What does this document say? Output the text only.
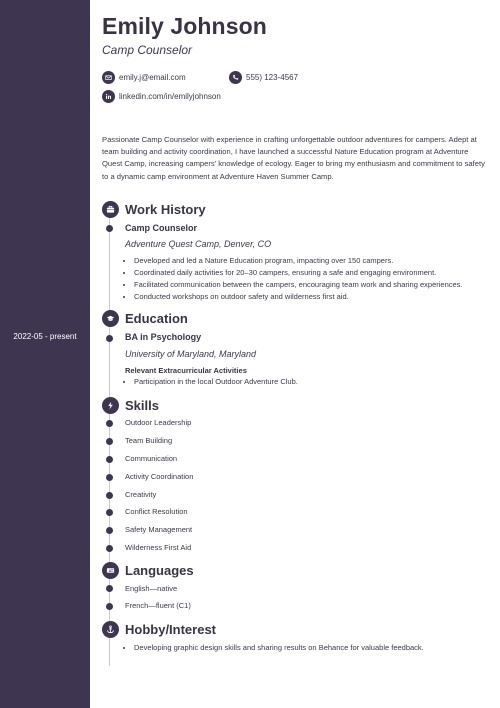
2022-05 - present
Emily Johnson
Camp Counselor
emily.j@email.com	555) 123-4567
linkedin.com/in/emilyjohnson
Passionate Camp Counselor with experience in crafting unforgettable outdoor adventures for campers. Adept at team building and activity coordination, I have launched a successful Nature Education program at Adventure Quest Camp, increasing campers' knowledge of ecology. Eager to bring my enthusiasm and commitment to safety to a dynamic camp environment at Adventure Haven Summer Camp.
Work History
Camp Counselor
Adventure Quest Camp, Denver, CO
• Developed and led a Nature Education program, impacting over 150 campers.
• Coordinated daily activities for 20–30 campers, ensuring a safe and engaging environment.
• Facilitated communication between the campers, encouraging team work and sharing experiences.
• Conducted workshops on outdoor safety and wilderness first aid.
Education
BA in Psychology
University of Maryland, Maryland
Relevant Extracurricular Activities
• Participation in the local Outdoor Adventure Club.
Skills
Outdoor Leadership
Team Building
Communication
Activity Coordination
Creativity
Conflict Resolution
Safety Management
Wilderness First Aid
A Languages
English—native
French—fluent (C1)
Hobby/Interest
• Developing graphic design skills and sharing results on Behance for valuable feedback.
